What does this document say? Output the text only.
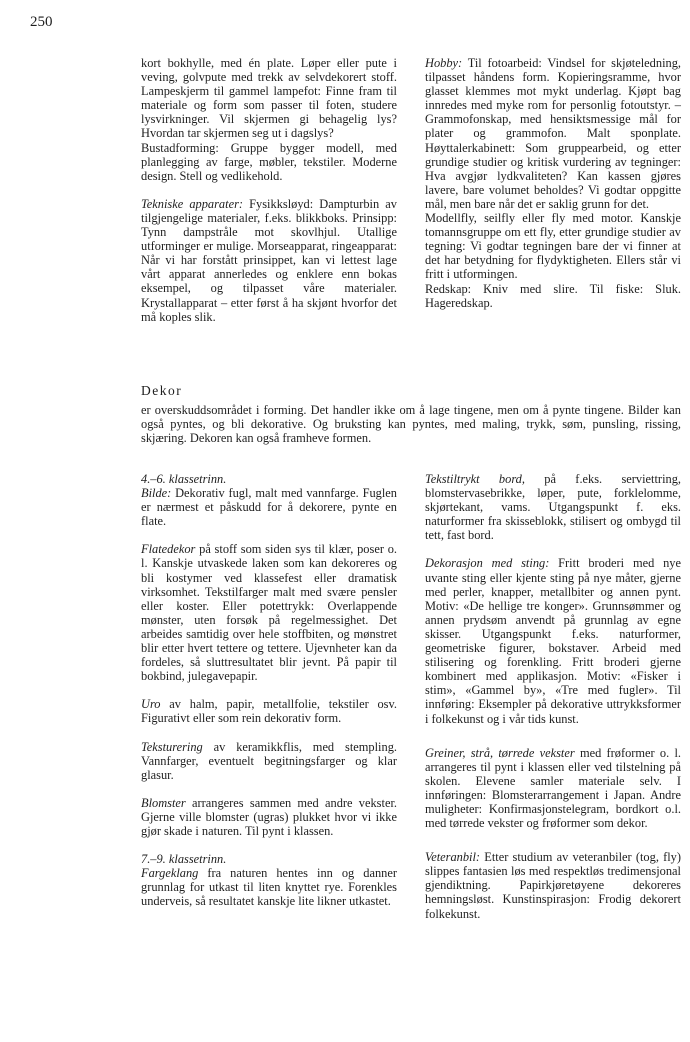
250

kort bokhylle, med én plate. Løper eller pute i veving, golvpute med trekk av selvdekorert stoff. Lampeskjerm til gammel lampefot: Finne fram til materiale og form som passer til foten, studere lysvirkninger. Vil skjermen gi behagelig lys? Hvordan tar skjermen seg ut i dagslys?

Bustadforming: Gruppe bygger modell, med planlegging av farge, møbler, tekstiler. Moderne design. Stell og vedlikehold.

Tekniske apparater: Fysikksløyd: Dampturbin av tilgjengelige materialer, f.eks. blikkboks. Prinsipp: Tynn dampstråle mot skovlhjul. Utallige utforminger er mulige. Morseapparat, ringeapparat: Når vi har forstått prinsippet, kan vi lettest lage vårt apparat annerledes og enklere enn bokas eksempel, og tilpasset våre materialer. Krystallapparat – etter først å ha skjønt hvorfor det må koples slik.

Hobby: Til fotoarbeid: Vindsel for skjøteledning, tilpasset håndens form. Kopieringsramme, hvor glasset klemmes mot mykt underlag. Kjøpt bag innredes med myke rom for personlig fotoutstyr. – Grammofonskap, med hensiktsmessige mål for plater og grammofon. Malt sponplate. Høyttalerkabinett: Som gruppearbeid, og etter grundige studier og kritisk vurdering av tegninger: Hva avgjør lydkvaliteten? Kan kassen gjøres lavere, bare volumet beholdes? Vi godtar oppgitte mål, men bare når det er saklig grunn for det.

Modellfly, seilfly eller fly med motor. Kanskje tomannsgruppe om ett fly, etter grundige studier av tegning: Vi godtar tegningen bare der vi finner at det har betydning for flydyktigheten. Ellers står vi fritt i utformingen.

Redskap: Kniv med slire. Til fiske: Sluk. Hageredskap.

Dekor

er overskuddsområdet i forming. Det handler ikke om å lage tingene, men om å pynte tingene. Bilder kan også pyntes, og bli dekorative. Og bruksting kan pyntes, med maling, trykk, søm, punsling, rissing, skjæring. Dekoren kan også framheve formen.

4.–6. klassetrinn.

Bilde: Dekorativ fugl, malt med vannfarge. Fuglen er nærmest et påskudd for å dekorere, pynte en flate.

Flatedekor på stoff som siden sys til klær, poser o. l. Kanskje utvaskede laken som kan dekoreres og bli kostymer ved klassefest eller dramatisk virksomhet. Tekstilfarger malt med svære pensler eller koster. Eller potettrykk: Overlappende mønster, uten forsøk på regelmessighet. Det arbeides samtidig over hele stoffbiten, og mønstret blir etter hvert tettere og tettere. Ujevnheter kan da fordeles, så sluttresultatet blir jevnt. På papir til bokbind, julegavepapir.

Uro av halm, papir, metallfolie, tekstiler osv. Figurativt eller som rein dekorativ form.

Teksturering av keramikkflis, med stempling. Vannfarger, eventuelt begitningsfarger og klar glasur.

Blomster arrangeres sammen med andre vekster. Gjerne ville blomster (ugras) plukket hvor vi ikke gjør skade i naturen. Til pynt i klassen.

7.–9. klassetrinn.

Fargeklang fra naturen hentes inn og danner grunnlag for utkast til liten knyttet rye. Forenkles underveis, så resultatet kanskje lite likner utkastet.

Tekstiltrykt bord, på f.eks. serviettring, blomstervasebrikke, løper, pute, forklelomme, skjørtekant, vams. Utgangspunkt f. eks. naturformer fra skisseblokk, stilisert og ombygd til tett, fast bord.

Dekorasjon med sting: Fritt broderi med nye uvante sting eller kjente sting på nye måter, gjerne med perler, knapper, metallbiter og annen pynt. Motiv: «De hellige tre konger». Grunnsømmer og annen prydsøm anvendt på grunnlag av egne skisser. Utgangspunkt f.eks. naturformer, geometriske figurer, bokstaver. Arbeid med stilisering og forenkling. Fritt broderi gjerne kombinert med applikasjon. Motiv: «Fisker i stim», «Gammel by», «Tre med fugler». Til innføring: Eksempler på dekorative uttrykksformer i folkekunst og i vår tids kunst.

Greiner, strå, tørrede vekster med frøformer o. l. arrangeres til pynt i klassen eller ved tilstelning på skolen. Elevene samler materiale selv. I innføringen: Blomsterarrangement i Japan. Andre muligheter: Konfirmasjonstelegram, bordkort o.l. med tørrede vekster og frøformer som dekor.

Veteranbil: Etter studium av veteranbiler (tog, fly) slippes fantasien løs med respektløs tredimensjonal gjendiktning. Papirkjøretøyene dekoreres hemningsløst. Kunstinspirasjon: Frodig dekorert folkekunst.
